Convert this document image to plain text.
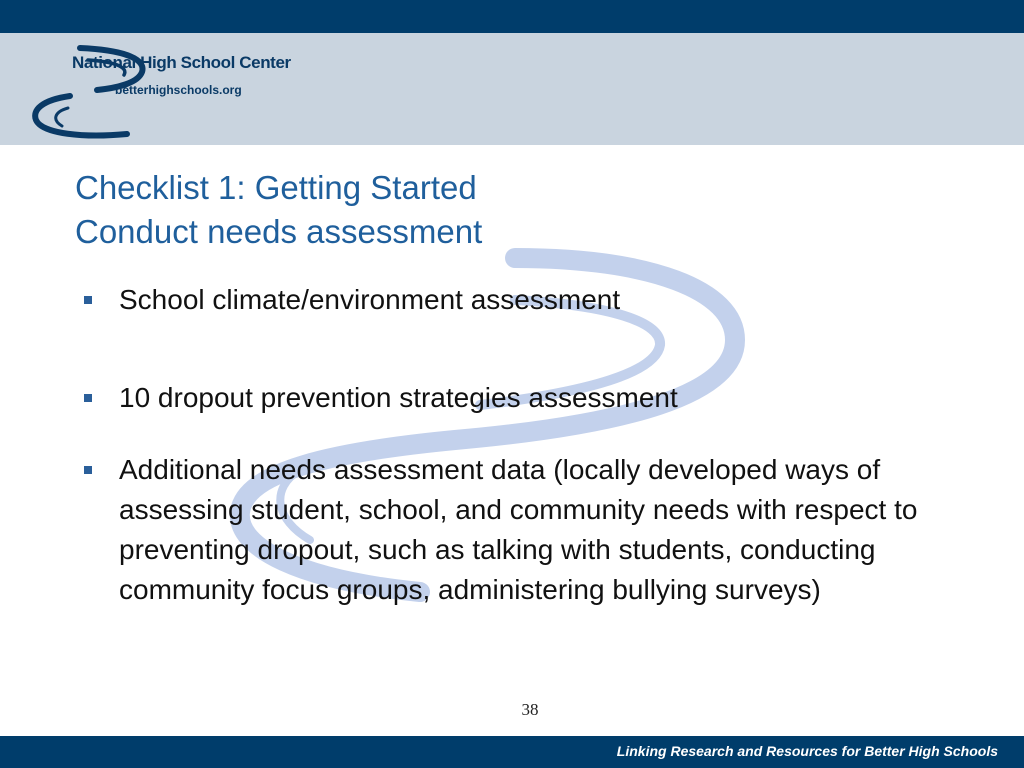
National High School Center
betterhighschools.org
Checklist 1: Getting Started
Conduct needs assessment
School climate/environment assessment
10 dropout prevention strategies assessment
Additional needs assessment data (locally developed ways of assessing student, school, and community needs with respect to preventing dropout, such as talking with students, conducting community focus groups, administering bullying surveys)
38
Linking Research and Resources for Better High Schools
